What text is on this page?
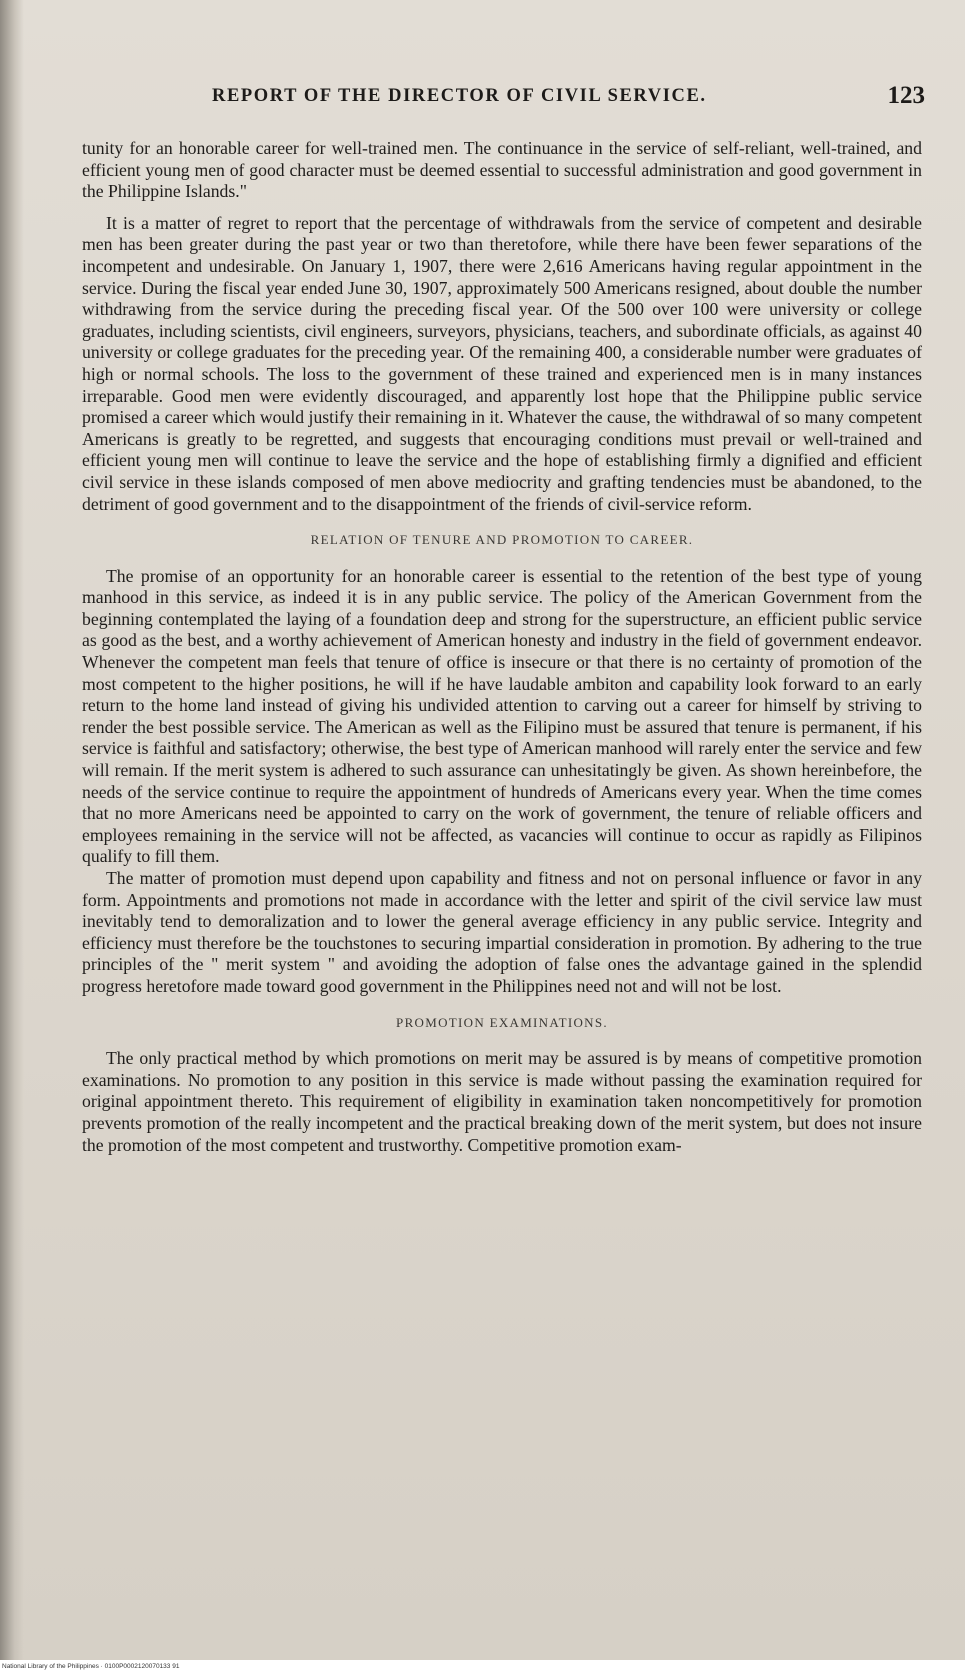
REPORT OF THE DIRECTOR OF CIVIL SERVICE.	123

tunity for an honorable career for well-trained men. The continuance in the service of self-reliant, well-trained, and efficient young men of good character must be deemed essential to successful administration and good government in the Philippine Islands."

It is a matter of regret to report that the percentage of withdrawals from the service of competent and desirable men has been greater during the past year or two than theretofore, while there have been fewer separations of the incompetent and undesirable. On January 1, 1907, there were 2,616 Americans having regular appointment in the service. During the fiscal year ended June 30, 1907, approximately 500 Americans resigned, about double the number withdrawing from the service during the preceding fiscal year. Of the 500 over 100 were university or college graduates, including scientists, civil engineers, surveyors, physicians, teachers, and subordinate officials, as against 40 university or college graduates for the preceding year. Of the remaining 400, a considerable number were graduates of high or normal schools. The loss to the government of these trained and experienced men is in many instances irreparable. Good men were evidently discouraged, and apparently lost hope that the Philippine public service promised a career which would justify their remaining in it. Whatever the cause, the withdrawal of so many competent Americans is greatly to be regretted, and suggests that encouraging conditions must prevail or well-trained and efficient young men will continue to leave the service and the hope of establishing firmly a dignified and efficient civil service in these islands composed of men above mediocrity and grafting tendencies must be abandoned, to the detriment of good government and to the disappointment of the friends of civil-service reform.

RELATION OF TENURE AND PROMOTION TO CAREER.

The promise of an opportunity for an honorable career is essential to the retention of the best type of young manhood in this service, as indeed it is in any public service. The policy of the American Government from the beginning contemplated the laying of a foundation deep and strong for the superstructure, an efficient public service as good as the best, and a worthy achievement of American honesty and industry in the field of government endeavor. Whenever the competent man feels that tenure of office is insecure or that there is no certainty of promotion of the most competent to the higher positions, he will if he have laudable ambiton and capability look forward to an early return to the home land instead of giving his undivided attention to carving out a career for himself by striving to render the best possible service. The American as well as the Filipino must be assured that tenure is permanent, if his service is faithful and satisfactory; otherwise, the best type of American manhood will rarely enter the service and few will remain. If the merit system is adhered to such assurance can unhesitatingly be given. As shown hereinbefore, the needs of the service continue to require the appointment of hundreds of Americans every year. When the time comes that no more Americans need be appointed to carry on the work of government, the tenure of reliable officers and employees remaining in the service will not be affected, as vacancies will continue to occur as rapidly as Filipinos qualify to fill them.

The matter of promotion must depend upon capability and fitness and not on personal influence or favor in any form. Appointments and promotions not made in accordance with the letter and spirit of the civil service law must inevitably tend to demoralization and to lower the general average efficiency in any public service. Integrity and efficiency must therefore be the touchstones to securing impartial consideration in promotion. By adhering to the true principles of the " merit system " and avoiding the adoption of false ones the advantage gained in the splendid progress heretofore made toward good government in the Philippines need not and will not be lost.

PROMOTION EXAMINATIONS.

The only practical method by which promotions on merit may be assured is by means of competitive promotion examinations. No promotion to any position in this service is made without passing the examination required for original appointment thereto. This requirement of eligibility in examination taken noncompetitively for promotion prevents promotion of the really incompetent and the practical breaking down of the merit system, but does not insure the promotion of the most competent and trustworthy. Competitive promotion exam-

National Library of the Philippines · 0100P0002120070133 91
